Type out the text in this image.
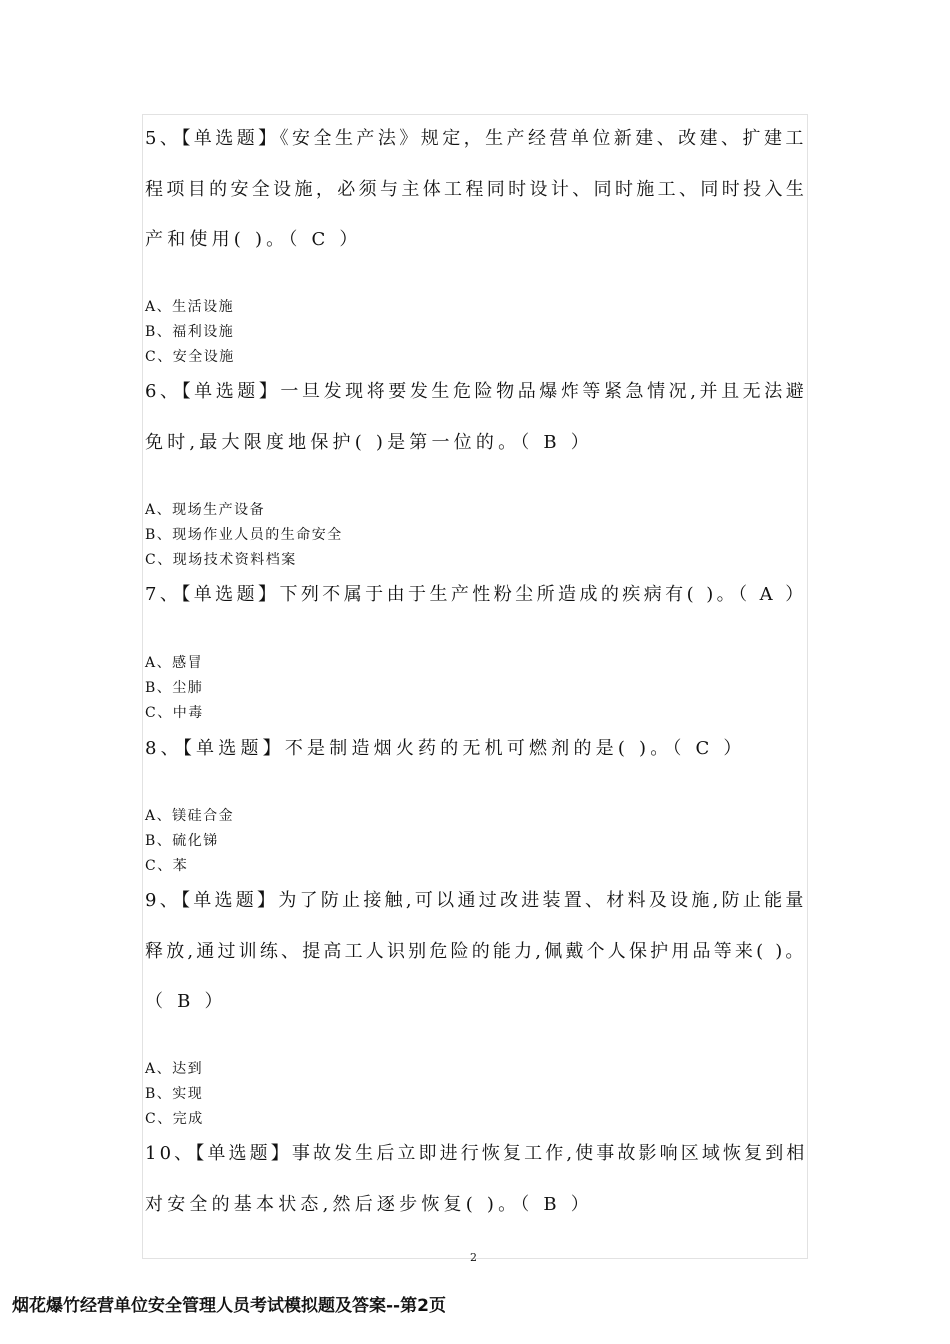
5、【单选题】《安全生产法》规定，生产经营单位新建、改建、扩建工
程项目的安全设施，必须与主体工程同时设计、同时施工、同时投入生
产和使用( )。（ C ）
A、生活设施
B、福利设施
C、安全设施
6、【单选题】一旦发现将要发生危险物品爆炸等紧急情况,并且无法避
免时,最大限度地保护( )是第一位的。（ B ）
A、现场生产设备
B、现场作业人员的生命安全
C、现场技术资料档案
7、【单选题】下列不属于由于生产性粉尘所造成的疾病有( )。（ A ）
A、感冒
B、尘肺
C、中毒
8、【单选题】不是制造烟火药的无机可燃剂的是( )。（ C ）
A、镁硅合金
B、硫化锑
C、苯
9、【单选题】为了防止接触,可以通过改进装置、材料及设施,防止能量
释放,通过训练、提高工人识别危险的能力,佩戴个人保护用品等来( )。
（ B ）
A、达到
B、实现
C、完成
10、【单选题】事故发生后立即进行恢复工作,使事故影响区域恢复到相
对安全的基本状态,然后逐步恢复( )。（ B ）
2
烟花爆竹经营单位安全管理人员考试模拟题及答案--第2页
